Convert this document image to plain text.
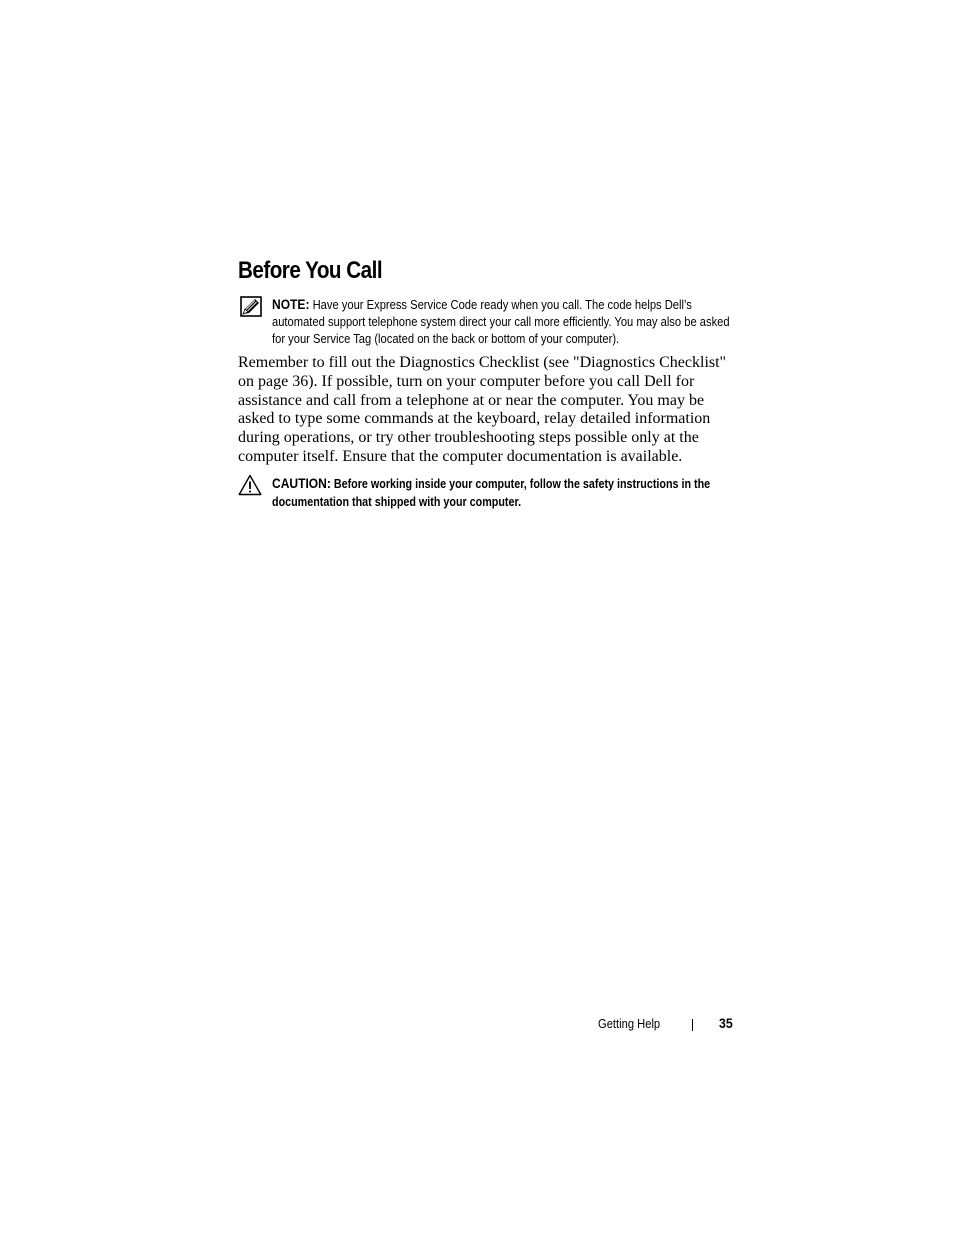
Before You Call
NOTE: Have your Express Service Code ready when you call. The code helps Dell’s automated support telephone system direct your call more efficiently. You may also be asked for your Service Tag (located on the back or bottom of your computer).

Remember to fill out the Diagnostics Checklist (see "Diagnostics Checklist" on page 36). If possible, turn on your computer before you call Dell for assistance and call from a telephone at or near the computer. You may be asked to type some commands at the keyboard, relay detailed information during operations, or try other troubleshooting steps possible only at the computer itself. Ensure that the computer documentation is available.

CAUTION: Before working inside your computer, follow the safety instructions in the documentation that shipped with your computer.
Getting Help	35
